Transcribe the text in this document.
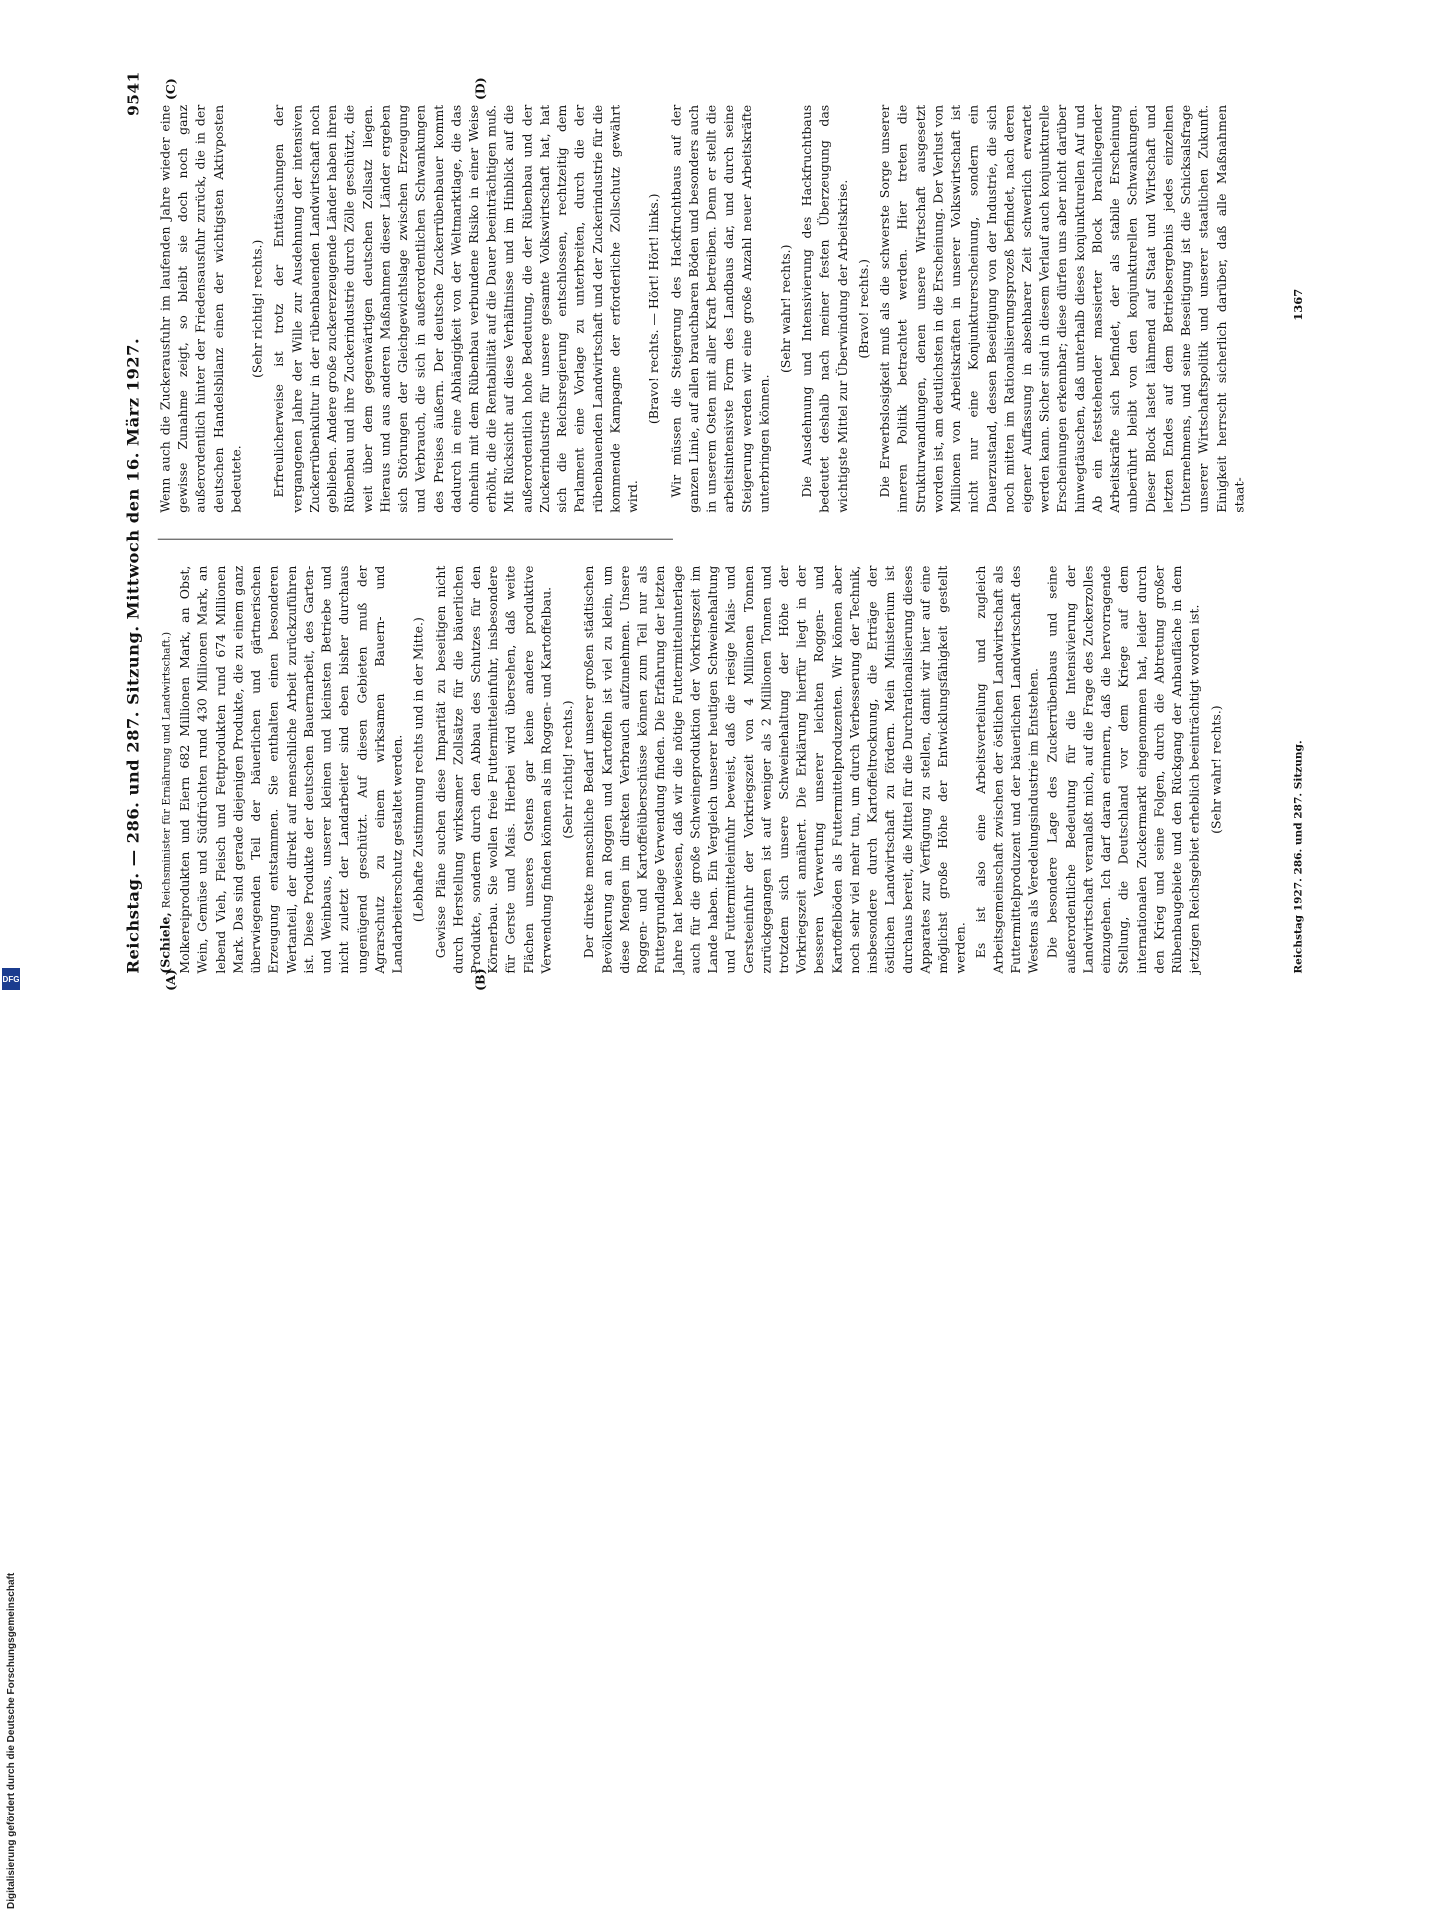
Digitalisierung gefördert durch die Deutsche Forschungsgemeinschaft
DFG
Reichstag. — 286. und 287. Sitzung. Mittwoch den 16. März 1927.
9541
(A)	(B)
(C)	(D)

(Schiele, Reichsminister für Ernährung und Landwirtschaft.) Molkereiprodukten und Eiern 682 Millionen Mark, an Obst, Wein, Gemüse und Südfrüchten rund 430 Millionen Mark, an lebend Vieh, Fleisch und Fettprodukten rund 674 Millionen Mark. Das sind gerade diejenigen Produkte, die zu einem ganz überwiegenden Teil der bäuerlichen und gärtnerischen Erzeugung entstammen. Sie enthalten einen besonderen Wertanteil, der direkt auf menschliche Arbeit zurückzuführen ist. Diese Produkte der deutschen Bauernarbeit, des Garten- und Weinbaus, unserer kleinen und kleinsten Betriebe und nicht zuletzt der Landarbeiter sind eben bisher durchaus ungenügend geschützt. Auf diesen Gebieten muß der Agrarschutz zu einem wirksamen Bauern- und Landarbeiterschutz gestaltet werden. (Lebhafte Zustimmung rechts und in der Mitte.) Gewisse Pläne suchen diese Imparität zu beseitigen nicht durch Herstellung wirksamer Zollsätze für die bäuerlichen Produkte, sondern durch den Abbau des Schutzes für den Körnerbau. Sie wollen freie Futtermitteleinfuhr, insbesondere für Gerste und Mais. Hierbei wird übersehen, daß weite Flächen unseres Ostens gar keine andere produktive Verwendung finden können als im Roggen- und Kartoffelbau. (Sehr richtig! rechts.) Der direkte menschliche Bedarf unserer großen städtischen Bevölkerung an Roggen und Kartoffeln ist viel zu klein, um diese Mengen im direkten Verbrauch aufzunehmen. Unsere Roggen- und Kartoffelüberschüsse können zum Teil nur als Futtergrundlage Verwendung finden. Die Erfahrung der letzten Jahre hat bewiesen, daß wir die nötige Futtermittelunterlage auch für die große Schweineproduktion der Vorkriegszeit im Lande haben. Ein Vergleich unserer heutigen Schweinehaltung und Futtermitteleinfuhr beweist, daß die riesige Mais- und Gersteeinfuhr der Vorkriegszeit von 4 Millionen Tonnen zurückgegangen ist auf weniger als 2 Millionen Tonnen und trotzdem sich unsere Schweinehaltung der Höhe der Vorkriegszeit annähert. Die Erklärung hierfür liegt in der besseren Verwertung unserer leichten Roggen- und Kartoffelböden als Futtermittelproduzenten. Wir können aber noch sehr viel mehr tun, um durch Verbesserung der Technik, insbesondere durch Kartoffeltrocknung, die Erträge der östlichen Landwirtschaft zu fördern. Mein Ministerium ist durchaus bereit, die Mittel für die Durchrationalisierung dieses Apparates zur Verfügung zu stellen, damit wir hier auf eine möglichst große Höhe der Entwicklungsfähigkeit gestellt werden. Es ist also eine Arbeitsverteilung und zugleich Arbeitsgemeinschaft zwischen der östlichen Landwirtschaft als Futtermittelproduzent und der bäuerlichen Landwirtschaft des Westens als Veredelungsindustrie im Entstehen. Die besondere Lage des Zuckerrübenbaus und seine außerordentliche Bedeutung für die Intensivierung der Landwirtschaft veranlaßt mich, auf die Frage des Zuckerzolles einzugehen. Ich darf daran erinnern, daß die hervorragende Stellung, die Deutschland vor dem Kriege auf dem internationalen Zuckermarkt eingenommen hat, leider durch den Krieg und seine Folgen, durch die Abtretung großer Rübenbaugebiete und den Rückgang der Anbaufläche in dem jetzigen Reichsgebiet erheblich beeinträchtigt worden ist. (Sehr wahr! rechts.)

Wenn auch die Zuckerausfuhr im laufenden Jahre wieder eine gewisse Zunahme zeigt, so bleibt sie doch noch ganz außerordentlich hinter der Friedensausfuhr zurück, die in der deutschen Handelsbilanz einen der wichtigsten Aktivposten bedeutete.

(Sehr richtig! rechts.) Erfreulicherweise ist trotz der Enttäuschungen der vergangenen Jahre der Wille zur Ausdehnung der intensiven Zuckerrübenkultur in der rübenbauenden Landwirtschaft noch geblieben. Andere große zuckererzeugende Länder haben ihren Rübenbau und ihre Zuckerindustrie durch Zölle geschützt, die weit über dem gegenwärtigen deutschen Zollsatz liegen. Hieraus und aus anderen Maßnahmen dieser Länder ergeben sich Störungen der Gleichgewichtslage zwischen Erzeugung und Verbrauch, die sich in außerordentlichen Schwankungen des Preises äußern. Der deutsche Zuckerrübenbauer kommt dadurch in eine Abhängigkeit von der Weltmarktlage, die das ohnehin mit dem Rübenbau verbundene Risiko in einer Weise erhöht, die die Rentabilität auf die Dauer beeinträchtigen muß. Mit Rücksicht auf diese Verhältnisse und im Hinblick auf die außerordentlich hohe Bedeutung, die der Rübenbau und der Zuckerindustrie für unsere gesamte Volkswirtschaft hat, hat sich die Reichsregierung entschlossen, rechtzeitig dem Parlament eine Vorlage zu unterbreiten, durch die der rübenbauenden Landwirtschaft und der Zuckerindustrie für die kommende Kampagne der erforderliche Zollschutz gewährt wird.

(Bravo! rechts. — Hört! Hört! links.) Wir müssen die Steigerung des Hackfruchtbaus auf der ganzen Linie, auf allen brauchbaren Böden und besonders auch in unserem Osten mit aller Kraft betreiben. Denn er stellt die arbeitsintensivste Form des Landbaus dar, und durch seine Steigerung werden wir eine große Anzahl neuer Arbeitskräfte unterbringen können.

(Sehr wahr! rechts.) Die Ausdehnung und Intensivierung des Hackfruchtbaus bedeutet deshalb nach meiner festen Überzeugung das wichtigste Mittel zur Überwindung der Arbeitskrise. (Bravo! rechts.) Die Erwerbslosigkeit muß als die schwerste Sorge unserer inneren Politik betrachtet werden. Hier treten die Strukturwandlungen, denen unsere Wirtschaft ausgesetzt worden ist, am deutlichsten in die Erscheinung. Der Verlust von Millionen von Arbeitskräften in unserer Volkswirtschaft ist nicht nur eine Konjunkturerscheinung, sondern ein Dauerzustand, dessen Beseitigung von der Industrie, die sich noch mitten im Rationalisierungsprozeß befindet, nach deren eigener Auffassung in absehbarer Zeit schwerlich erwartet werden kann. Sicher sind in diesem Verlauf auch konjunkturelle Erscheinungen erkennbar; diese dürfen uns aber nicht darüber hinwegtäuschen, daß unterhalb dieses konjunkturellen Auf und Ab ein feststehender massierter Block brachliegender Arbeitskräfte sich befindet, der als stabile Erscheinung unberührt bleibt von den konjunkturellen Schwankungen. Dieser Block lastet lähmend auf Staat und Wirtschaft und letzten Endes auf dem Betriebsergebnis jedes einzelnen Unternehmens, und seine Beseitigung ist die Schicksalsfrage unserer Wirtschaftspolitik und unserer staatlichen Zukunft. Einigkeit herrscht sicherlich darüber, daß alle Maßnahmen staat-

Reichstag 1927. 286. und 287. Sitzung.
1367
